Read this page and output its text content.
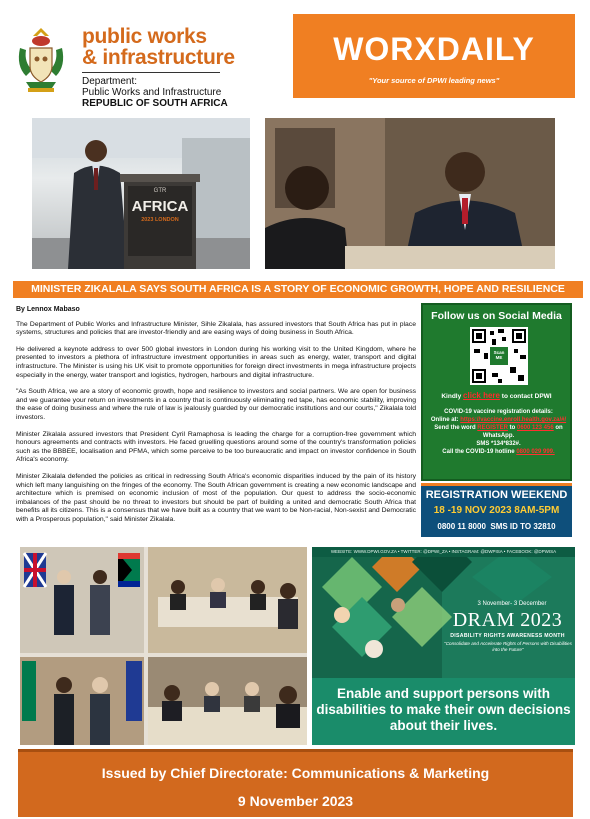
public works
& infrastructure
Department:
Public Works and Infrastructure
REPUBLIC OF SOUTH AFRICA
WORXDAILY
"Your source of DPWI leading news"
GTR
AFRICA
2023 LONDON
MINISTER ZIKALALA SAYS SOUTH AFRICA IS A STORY OF ECONOMIC GROWTH, HOPE AND RESILIENCE
By Lennox Mabaso

The Department of Public Works and Infrastructure Minister, Sihle Zikalala, has assured investors that South Africa has put in place systems, structures and policies that are investor-friendly and are easing ways of doing business in South Africa.

He delivered a keynote address to over 500 global investors in London during his working visit to the United Kingdom, where he presented to investors a plethora of infrastructure investment opportunities in areas such as energy, water, transport and digital infrastructure. The Minister is using his UK visit to promote opportunities for foreign direct investments in mega infrastructure projects especially in the energy, water transport and logistics, hydrogen, harbours and digital infrastructure.

"As South Africa, we are a story of economic growth, hope and resilience to investors and social partners. We are open for business and we guarantee your return on investments in a country that is continuously eliminating red tape, has economic stability, improving the ease of doing business and where the rule of law is jealously guarded by our democratic institutions and our courts," Zikalala told investors.

Minister Zikalala assured investors that President Cyril Ramaphosa is leading the charge for a corruption-free government which honours agreements and contracts with investors. He faced gruelling questions around some of the country's transformation policies such as the BBBEE, localisation and PFMA, which some perceive to be too bureaucratic and impact on investor confidence in South Africa's economy.

Minister Zikalala defended the policies as critical in redressing South Africa's economic disparities induced by the pain of its history which left many languishing on the fringes of the economy. The South African government is creating a new economic landscape and architecture which is premised on economic inclusion of most of the population. Our quest to address the socio-economic imbalances of the past should be no threat to investors but should be part of building a united and democratic South Africa that benefits all its citizens. This is a consensus that we have built as a country that we want to be Non-racial, Non-sexist and Democratic with a Prosperous population," said Minister Zikalala.

Follow us on Social Media
Scan ME
Kindly click here to contact DPWI
COVID-19 vaccine registration details:
Online at: https://vaccine.enroll.health.gov.za/#/
Send the word REGISTER to 0600 123 456 on WhatsApp.
SMS *134*832#.
Call the COVID-19 hotline 0800 029 999.
REGISTRATION WEEKEND
18 -19 NOV 2023 8AM-5PM
0800 11 8000 SMS ID TO 32810
WEBSITE: WWW.DPWI.GOV.ZA • TWITTER: @DPWI_ZA • INSTAGRAM: @DWPISA • FACEBOOK: @DPWISA
3 November- 3 December
DRAM 2023
DISABILITY RIGHTS AWARENESS MONTH
"Consolidate and Accelerate Rights of Persons with Disabilities into the Future"
Enable and support persons with disabilities to make their own decisions about their lives.
Issued by Chief Directorate: Communications & Marketing
9 November 2023
